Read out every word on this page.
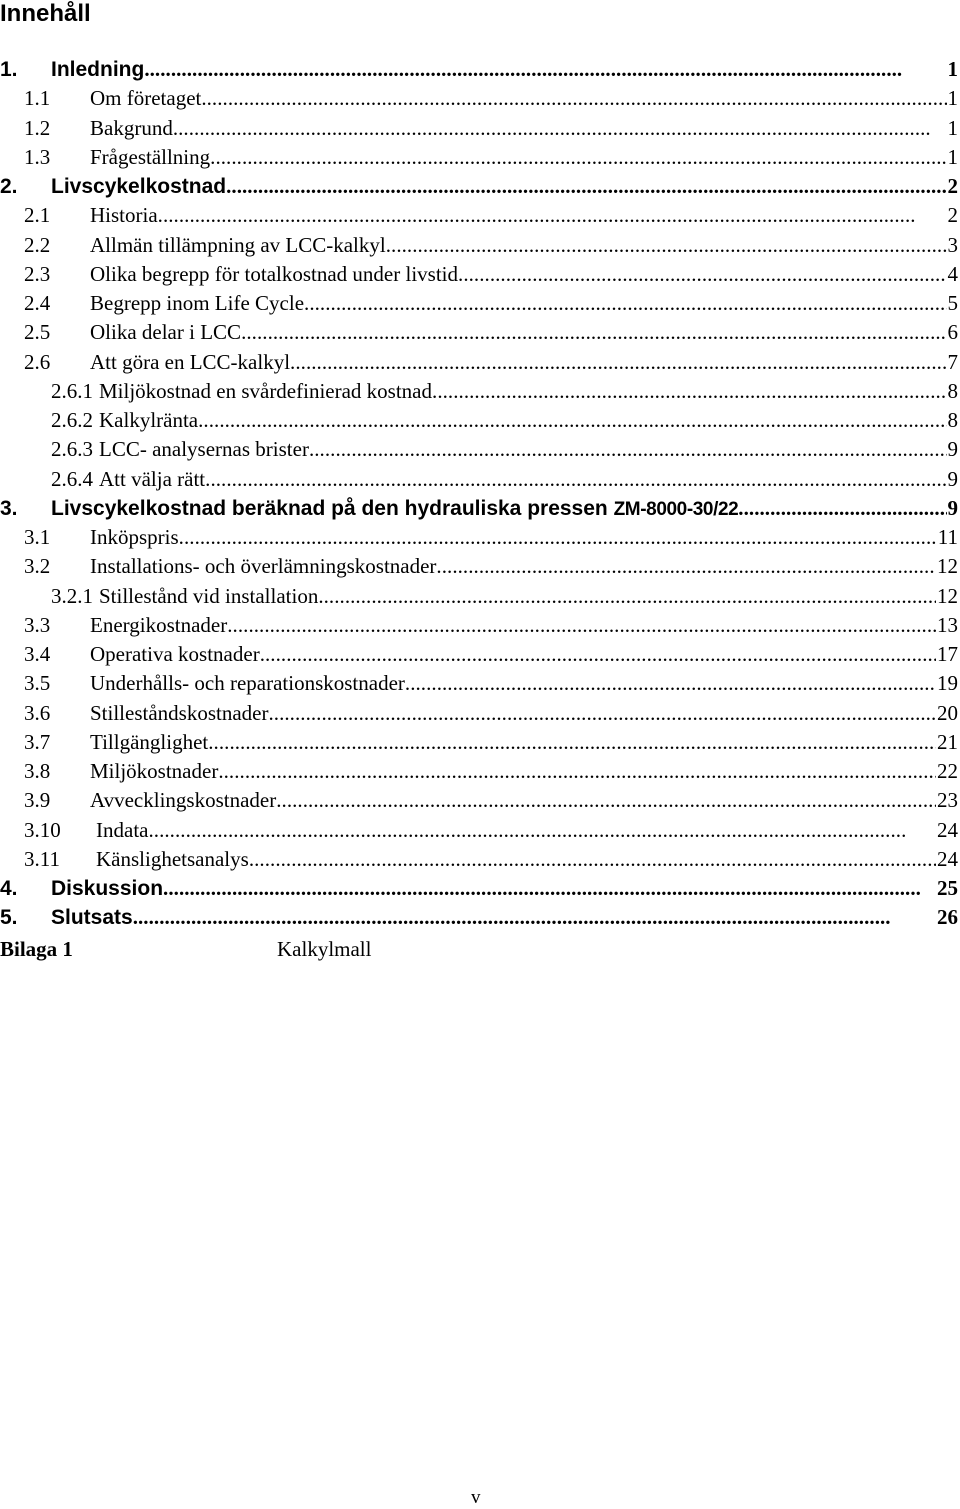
Innehåll
1.	Inledning . . .	1
1.1	Om företaget. . . .	1
1.2	Bakgrund . . .	1
1.3	Frågeställning . . .	1
2.	Livscykelkostnad . . .	2
2.1	Historia . . .	2
2.2	Allmän tillämpning av LCC-kalkyl . . .	3
2.3	Olika begrepp för totalkostnad under livstid . . .	4
2.4	Begrepp inom Life Cycle . . .	5
2.5	Olika delar i LCC . . .	6
2.6	Att göra en LCC-kalkyl . . .	7
2.6.1 Miljökostnad en svårdefinierad kostnad . . .	8
2.6.2 Kalkylränta . . .	8
2.6.3 LCC- analysernas brister . . .	9
2.6.4 Att välja rätt . . .	9
3.	Livscykelkostnad beräknad på den hydrauliska pressen ZM-8000-30/22 . . .	9
3.1	Inköpspris . . .	11
3.2	Installations- och överlämningskostnader . . .	12
3.2.1 Stillestånd vid installation . . .	12
3.3	Energikostnader . . .	13
3.4	Operativa kostnader . . .	17
3.5	Underhålls- och reparationskostnader . . .	19
3.6	Stilleståndskostnader . . .	20
3.7	Tillgänglighet . . .	21
3.8	Miljökostnader . . .	22
3.9	Avvecklingskostnader . . .	23
3.10	Indata . . .	24
3.11	Känslighetsanalys . . .	24
4.	Diskussion . . .	25
5.	Slutsats . . .	26
Bilaga 1	Kalkylmall
v
